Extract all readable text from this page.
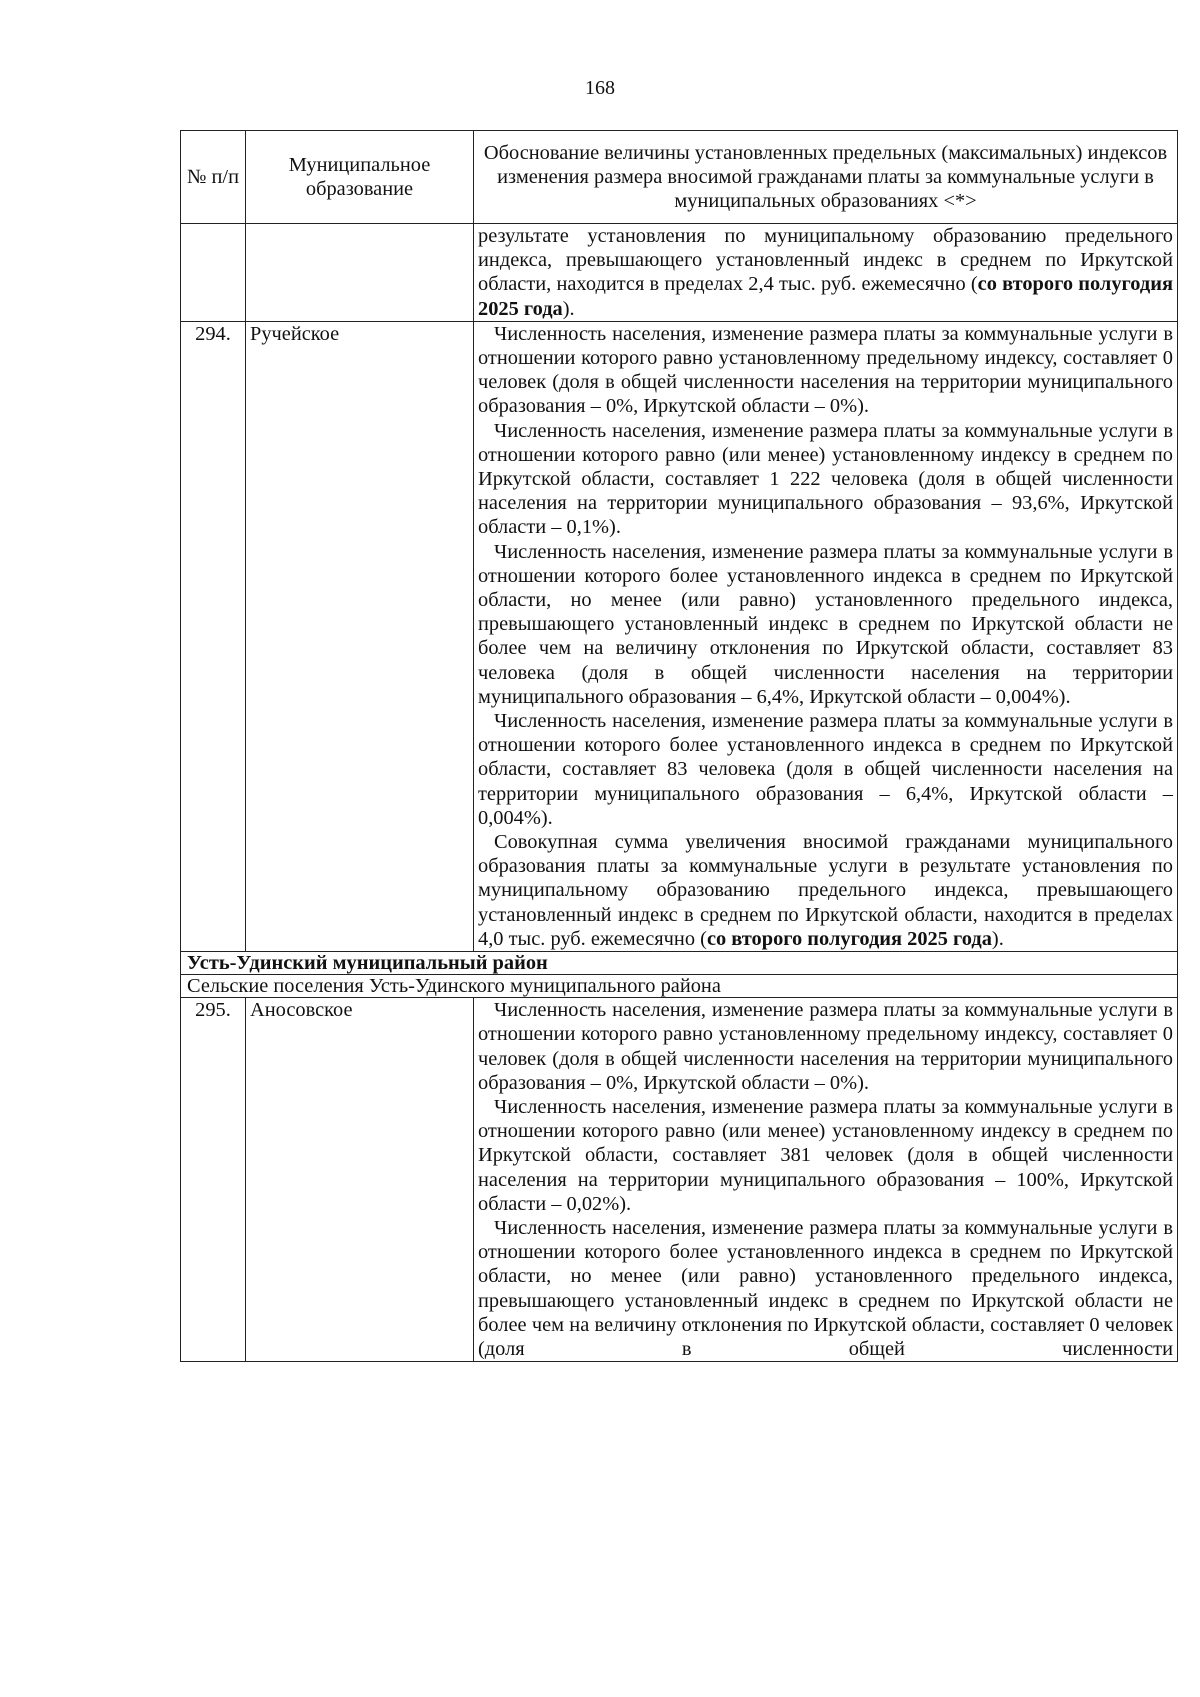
168
№ п/п	Муниципальное образование	Обоснование величины установленных предельных (максимальных) индексов изменения размера вносимой гражданами платы за коммунальные услуги в муниципальных образованиях <*>

		результате установления по муниципальному образованию предельного индекса, превышающего установленный индекс в среднем по Иркутской области, находится в пределах 2,4 тыс. руб. ежемесячно (со второго полугодия 2025 года).

294.	Ручейское	Численность населения, изменение размера платы за коммунальные услуги в отношении которого равно установленному предельному индексу, составляет 0 человек (доля в общей численности населения на территории муниципального образования – 0%, Иркутской области – 0%).

Численность населения, изменение размера платы за коммунальные услуги в отношении которого равно (или менее) установленному индексу в среднем по Иркутской области, составляет 1 222 человека (доля в общей численности населения на территории муниципального образования – 93,6%, Иркутской области – 0,1%).

Численность населения, изменение размера платы за коммунальные услуги в отношении которого более установленного индекса в среднем по Иркутской области, но менее (или равно) установленного предельного индекса, превышающего установленный индекс в среднем по Иркутской области не более чем на величину отклонения по Иркутской области, составляет 83 человека (доля в общей численности населения на территории муниципального образования – 6,4%, Иркутской области – 0,004%).

Численность населения, изменение размера платы за коммунальные услуги в отношении которого более установленного индекса в среднем по Иркутской области, составляет 83 человека (доля в общей численности населения на территории муниципального образования – 6,4%, Иркутской области – 0,004%).

Совокупная сумма увеличения вносимой гражданами муниципального образования платы за коммунальные услуги в результате установления по муниципальному образованию предельного индекса, превышающего установленный индекс в среднем по Иркутской области, находится в пределах 4,0 тыс. руб. ежемесячно (со второго полугодия 2025 года).

Усть-Удинский муниципальный район		
Сельские поселения Усть-Удинского муниципального района		
295.	Аносовское	Численность населения, изменение размера платы за коммунальные услуги в отношении которого равно установленному предельному индексу, составляет 0 человек (доля в общей численности населения на территории муниципального образования – 0%, Иркутской области – 0%).

Численность населения, изменение размера платы за коммунальные услуги в отношении которого равно (или менее) установленному индексу в среднем по Иркутской области, составляет 381 человек (доля в общей численности населения на территории муниципального образования – 100%, Иркутской области – 0,02%).

Численность населения, изменение размера платы за коммунальные услуги в отношении которого более установленного индекса в среднем по Иркутской области, но менее (или равно) установленного предельного индекса, превышающего установленный индекс в среднем по Иркутской области не более чем на величину отклонения по Иркутской области, составляет 0 человек (доля в общей численности
